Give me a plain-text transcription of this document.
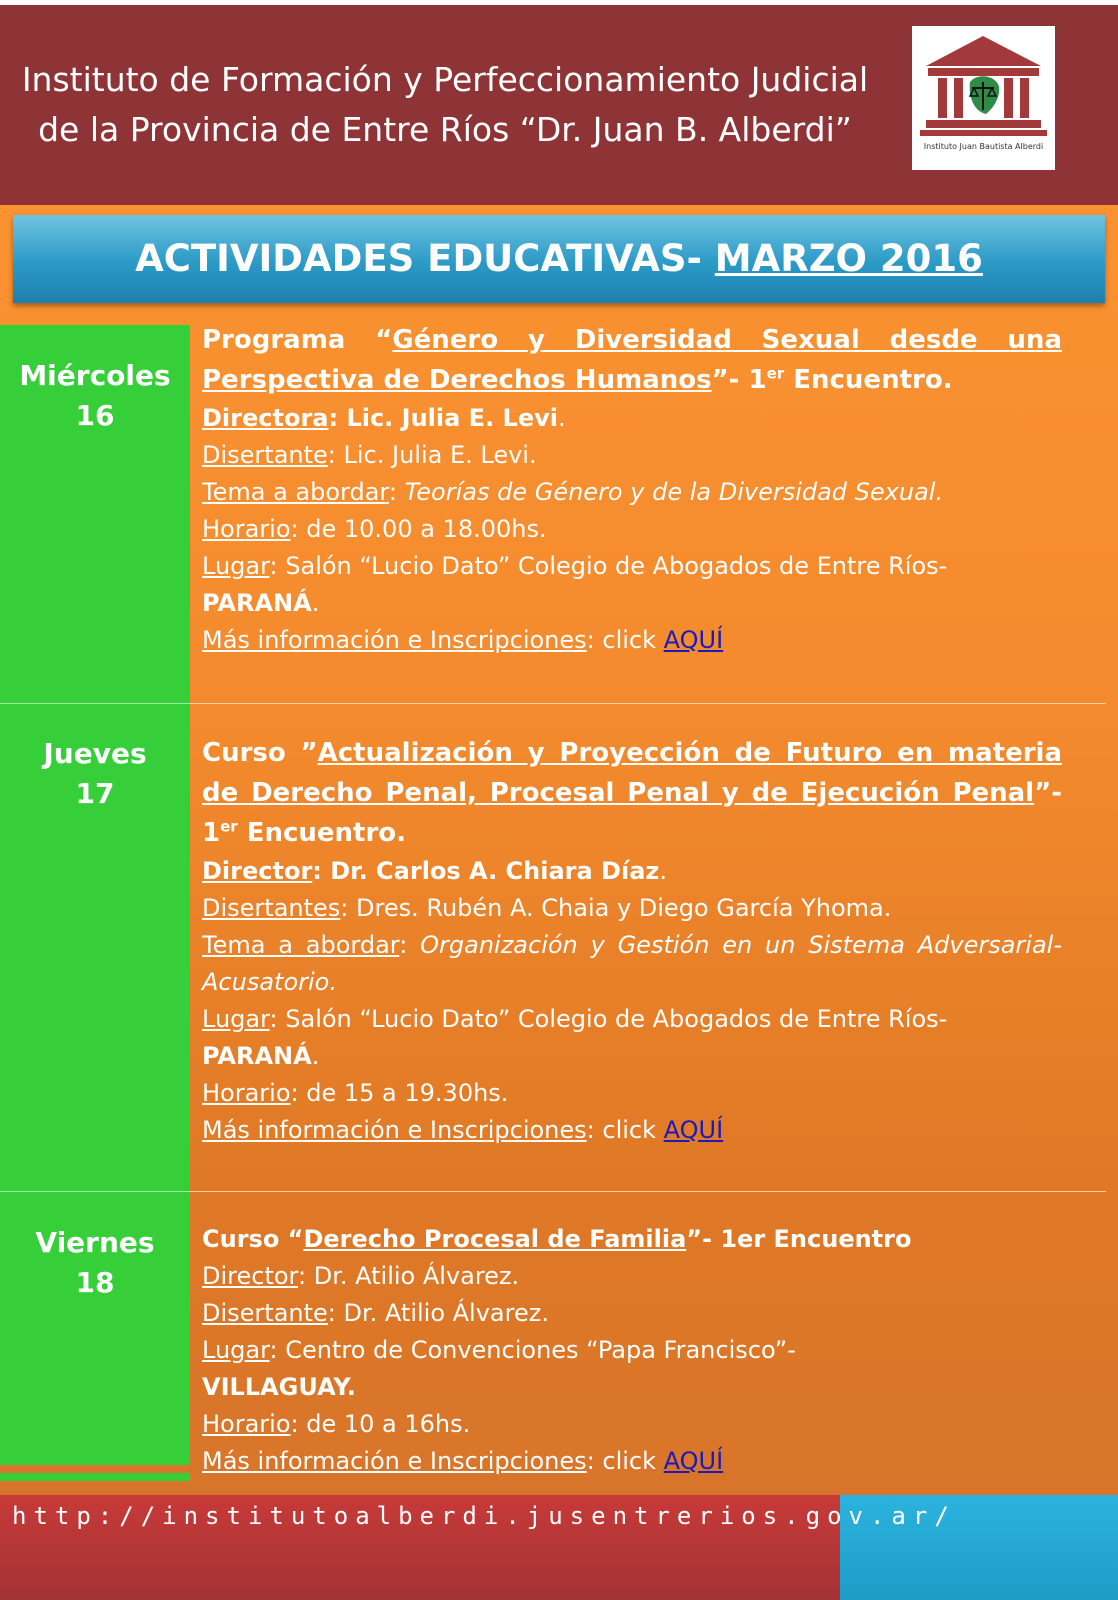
Instituto de Formación y Perfeccionamiento Judicial
de la Provincia de Entre Ríos “Dr. Juan B. Alberdi”	Instituto Juan Bautista Alberdi
ACTIVIDADES EDUCATIVAS- MARZO 2016
Miércoles
16
Programa “Género y Diversidad Sexual desde una Perspectiva de Derechos Humanos”- 1er Encuentro.
Directora: Lic. Julia E. Levi.
Disertante: Lic. Julia E. Levi.
Tema a abordar: Teorías de Género y de la Diversidad Sexual.
Horario: de 10.00 a 18.00hs.
Lugar: Salón “Lucio Dato” Colegio de Abogados de Entre Ríos-
PARANÁ.
Más información e Inscripciones: click AQUÍ
Jueves
17
Curso ”Actualización y Proyección de Futuro en materia de Derecho Penal, Procesal Penal y de Ejecución Penal”- 1er Encuentro.
Director: Dr. Carlos A. Chiara Díaz.
Disertantes: Dres. Rubén A. Chaia y Diego García Yhoma.
Tema a abordar: Organización y Gestión en un Sistema Adversarial-Acusatorio.
Lugar: Salón “Lucio Dato” Colegio de Abogados de Entre Ríos-
PARANÁ.
Horario: de 15 a 19.30hs.
Más información e Inscripciones: click AQUÍ
Viernes
18
Curso “Derecho Procesal de Familia”- 1er Encuentro
Director: Dr. Atilio Álvarez.
Disertante: Dr. Atilio Álvarez.
Lugar: Centro de Convenciones “Papa Francisco”-
VILLAGUAY.
Horario: de 10 a 16hs.
Más información e Inscripciones: click AQUÍ
http://institutoalberdi.jusentrerios.gov.ar/
